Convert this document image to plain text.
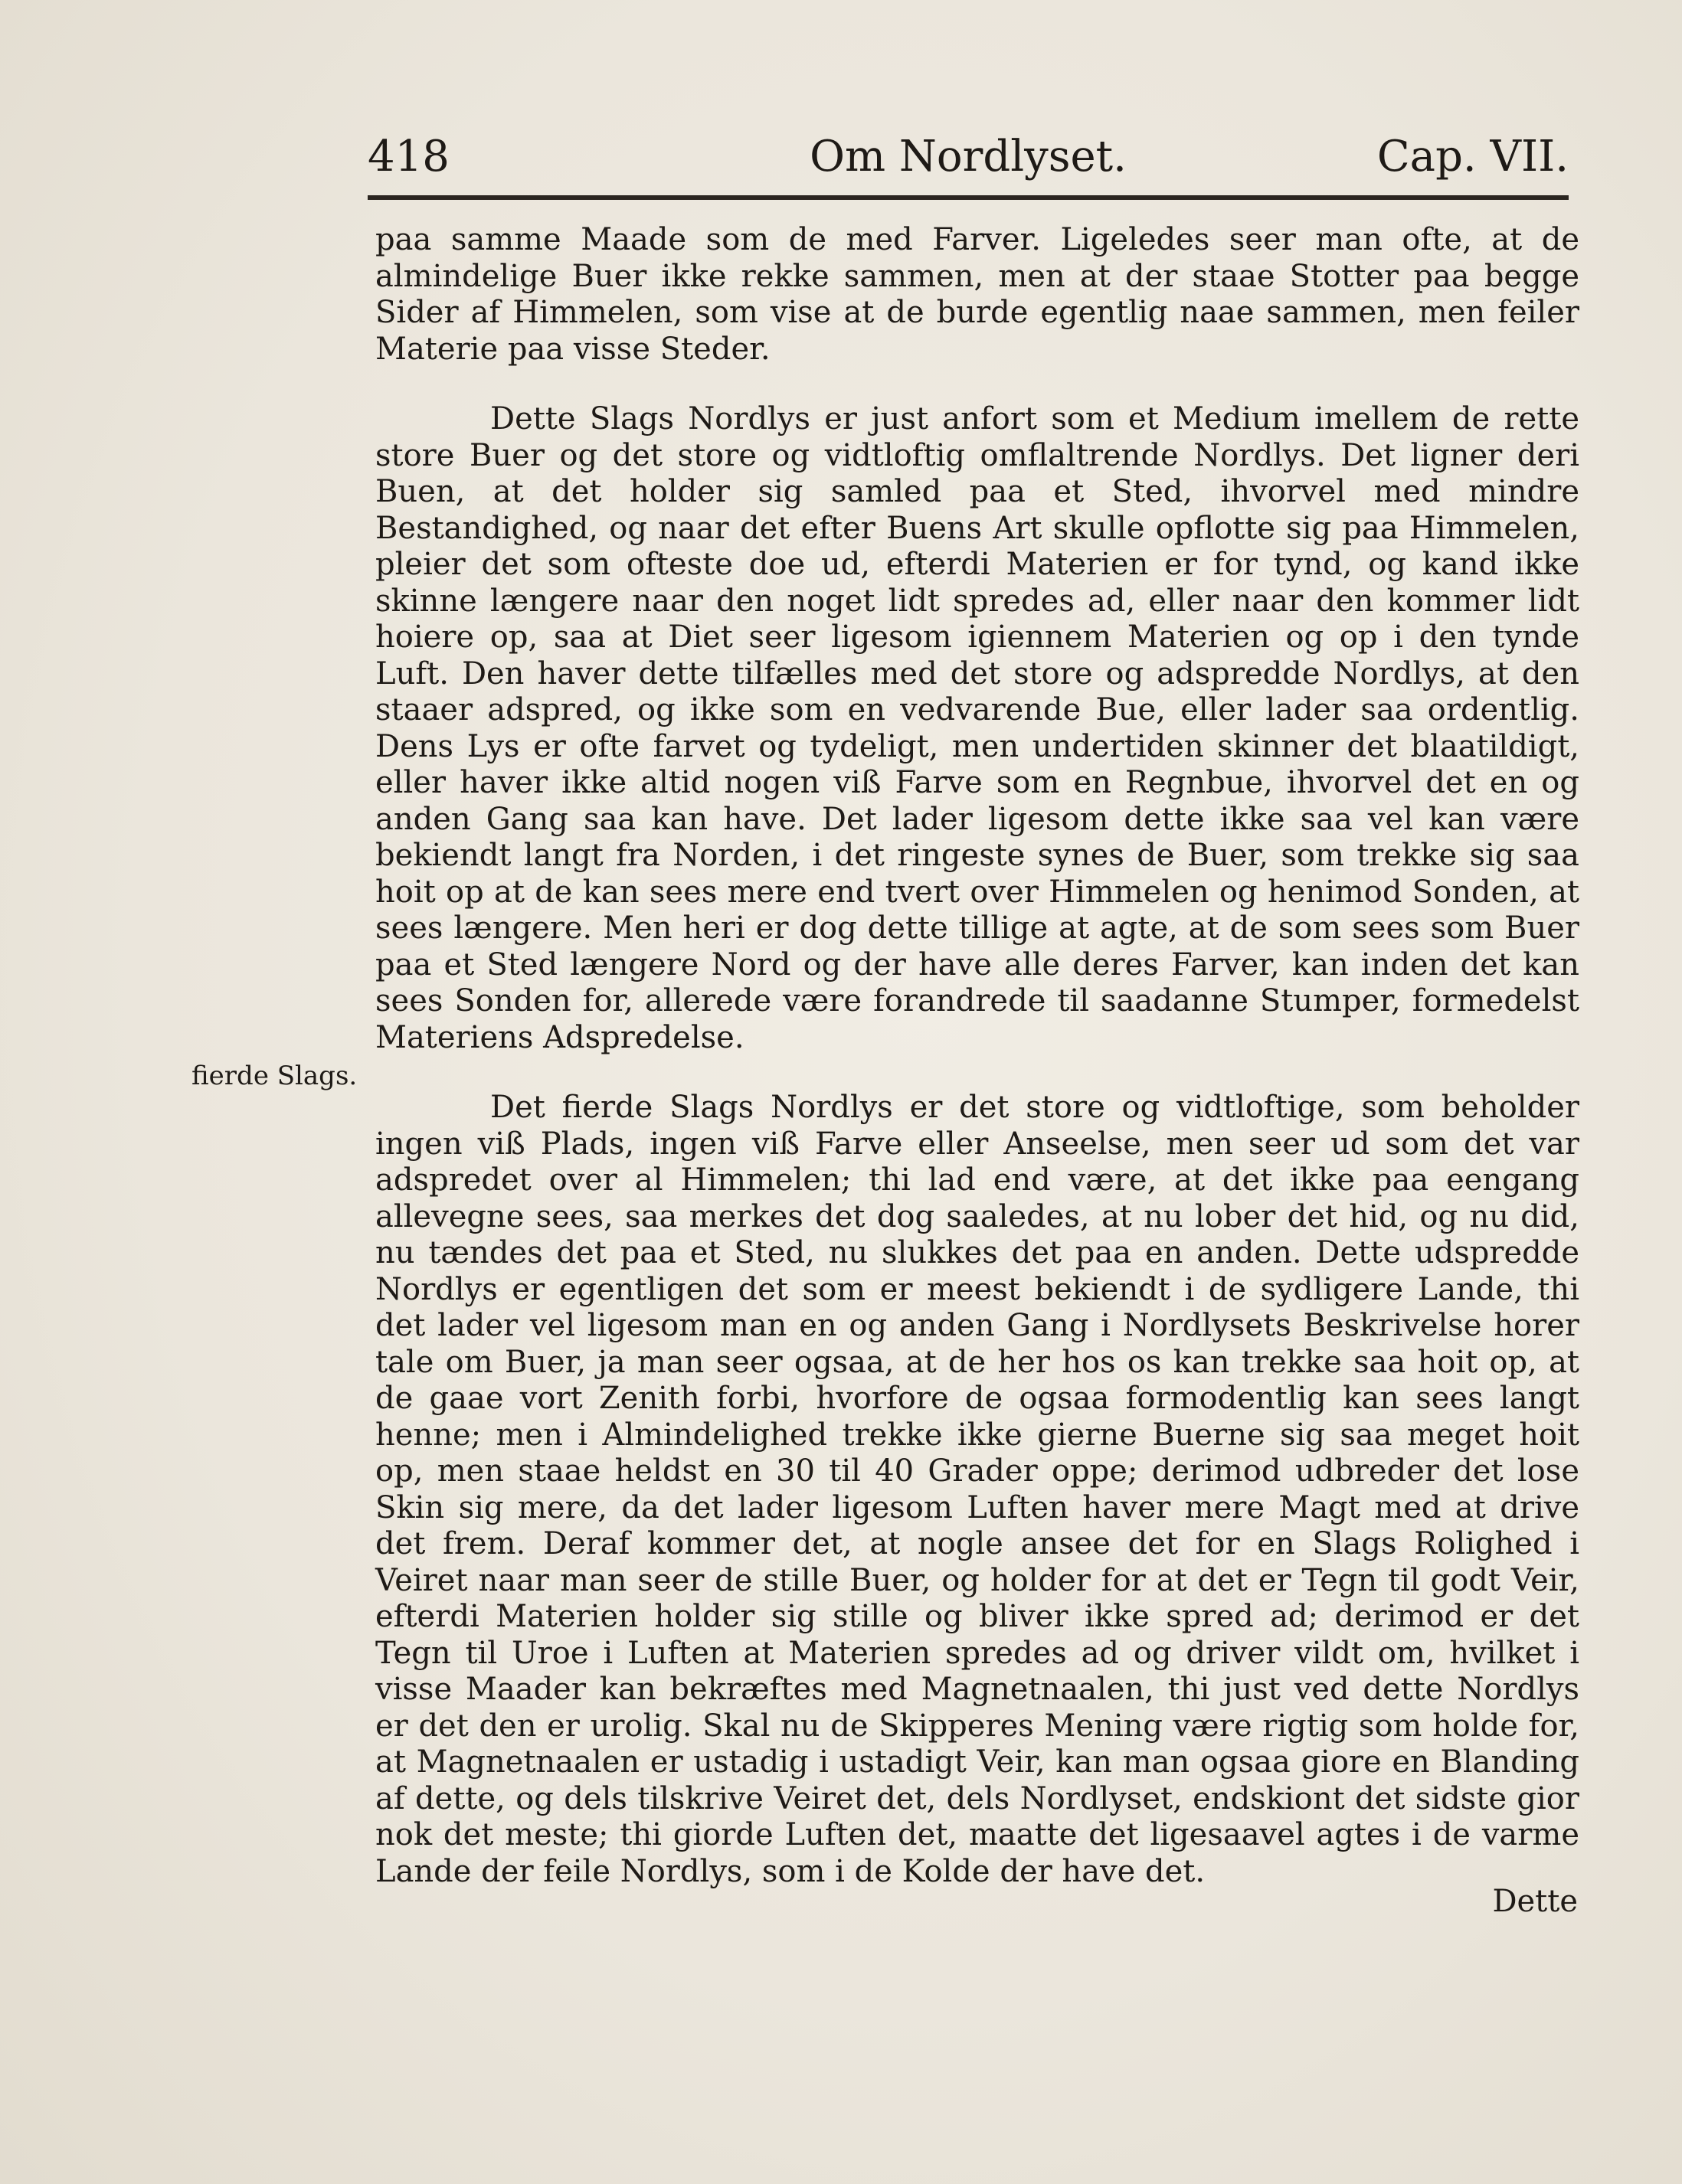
418	Om Nordlyset.	Cap. VII.

paa samme Maade som de med Farver. Ligeledes seer man ofte, at de almindelige Buer ikke rekke sammen, men at der staae Stotter paa begge Sider af Himmelen, som vise at de burde egentlig naae sammen, men feiler Materie paa visse Steder.

Dette Slags Nordlys er just anfort som et Medium imellem de rette store Buer og det store og vidtloftig omflaltrende Nordlys. Det ligner deri Buen, at det holder sig samled paa et Sted, ihvorvel med mindre Bestandighed, og naar det efter Buens Art skulle opflotte sig paa Himmelen, pleier det som ofteste doe ud, efterdi Materien er for tynd, og kand ikke skinne længere naar den noget lidt spredes ad, eller naar den kommer lidt hoiere op, saa at Diet seer ligesom igiennem Materien og op i den tynde Luft. Den haver dette tilfælles med det store og adspredde Nordlys, at den staaer adspred, og ikke som en vedvarende Bue, eller lader saa ordentlig. Dens Lys er ofte farvet og tydeligt, men undertiden skinner det blaatildigt, eller haver ikke altid nogen viß Farve som en Regnbue, ihvorvel det en og anden Gang saa kan have. Det lader ligesom dette ikke saa vel kan være bekiendt langt fra Norden, i det ringeste synes de Buer, som trekke sig saa hoit op at de kan sees mere end tvert over Himmelen og henimod Sonden, at sees længere. Men heri er dog dette tillige at agte, at de som sees som Buer paa et Sted længere Nord og der have alle deres Farver, kan inden det kan sees Sonden for, allerede være forandrede til saadanne Stumper, formedelst Materiens Adspredelse.

Det fierde Slags Nordlys er det store og vidtloftige, som beholder ingen viß Plads, ingen viß Farve eller Anseelse, men seer ud som det var adspredet over al Himmelen; thi lad end være, at det ikke paa eengang allevegne sees, saa merkes det dog saaledes, at nu lober det hid, og nu did, nu tændes det paa et Sted, nu slukkes det paa en anden. Dette udspredde Nordlys er egentligen det som er meest bekiendt i de sydligere Lande, thi det lader vel ligesom man en og anden Gang i Nordlysets Beskrivelse horer tale om Buer, ja man seer ogsaa, at de her hos os kan trekke saa hoit op, at de gaae vort Zenith forbi, hvorfore de ogsaa formodentlig kan sees langt henne; men i Almindelighed trekke ikke gierne Buerne sig saa meget hoit op, men staae heldst en 30 til 40 Grader oppe; derimod udbreder det lose Skin sig mere, da det lader ligesom Luften haver mere Magt med at drive det frem. Deraf kommer det, at nogle ansee det for en Slags Rolighed i Veiret naar man seer de stille Buer, og holder for at det er Tegn til godt Veir, efterdi Materien holder sig stille og bliver ikke spred ad; derimod er det Tegn til Uroe i Luften at Materien spredes ad og driver vildt om, hvilket i visse Maader kan bekræftes med Magnetnaalen, thi just ved dette Nordlys er det den er urolig. Skal nu de Skipperes Mening være rigtig som holde for, at Magnetnaalen er ustadig i ustadigt Veir, kan man ogsaa giore en Blanding af dette, og dels tilskrive Veiret det, dels Nordlyset, endskiont det sidste gior nok det meste; thi giorde Luften det, maatte det ligesaavel agtes i de varme Lande der feile Nordlys, som i de Kolde der have det.

fierde Slags.
Dette
